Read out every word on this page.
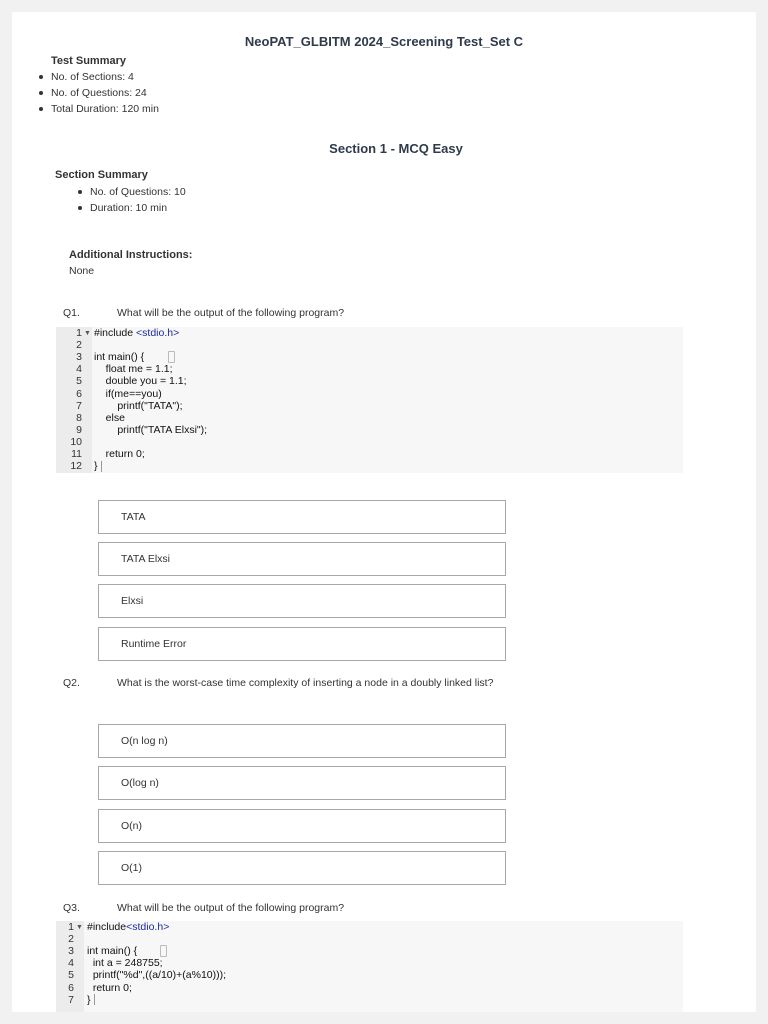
NeoPAT_GLBITM 2024_Screening Test_Set C
Test Summary
No. of Sections: 4
No. of Questions: 24
Total Duration: 120 min
Section 1 - MCQ Easy
Section Summary
No. of Questions: 10
Duration: 10 min
Additional Instructions:
None
Q1.	What will be the output of the following program?
1 ▼ #include <stdio.h>
2
3 int main() {
4 float me = 1.1;
5 double you = 1.1;
6 if(me==you)
7 printf("TATA");
8 else
9 printf("TATA Elxsi");
10
11 return 0;
12 }
TATA
TATA Elxsi
Elxsi
Runtime Error
Q2.	What is the worst-case time complexity of inserting a node in a doubly linked list?
O(n log n)
O(log n)
O(n)
O(1)
Q3.	What will be the output of the following program?
1 ▼ #include<stdio.h>
2
3 int main() {
4 int a = 248755;
5 printf("%d",((a/10)+(a%10)));
6 return 0;
7 }
